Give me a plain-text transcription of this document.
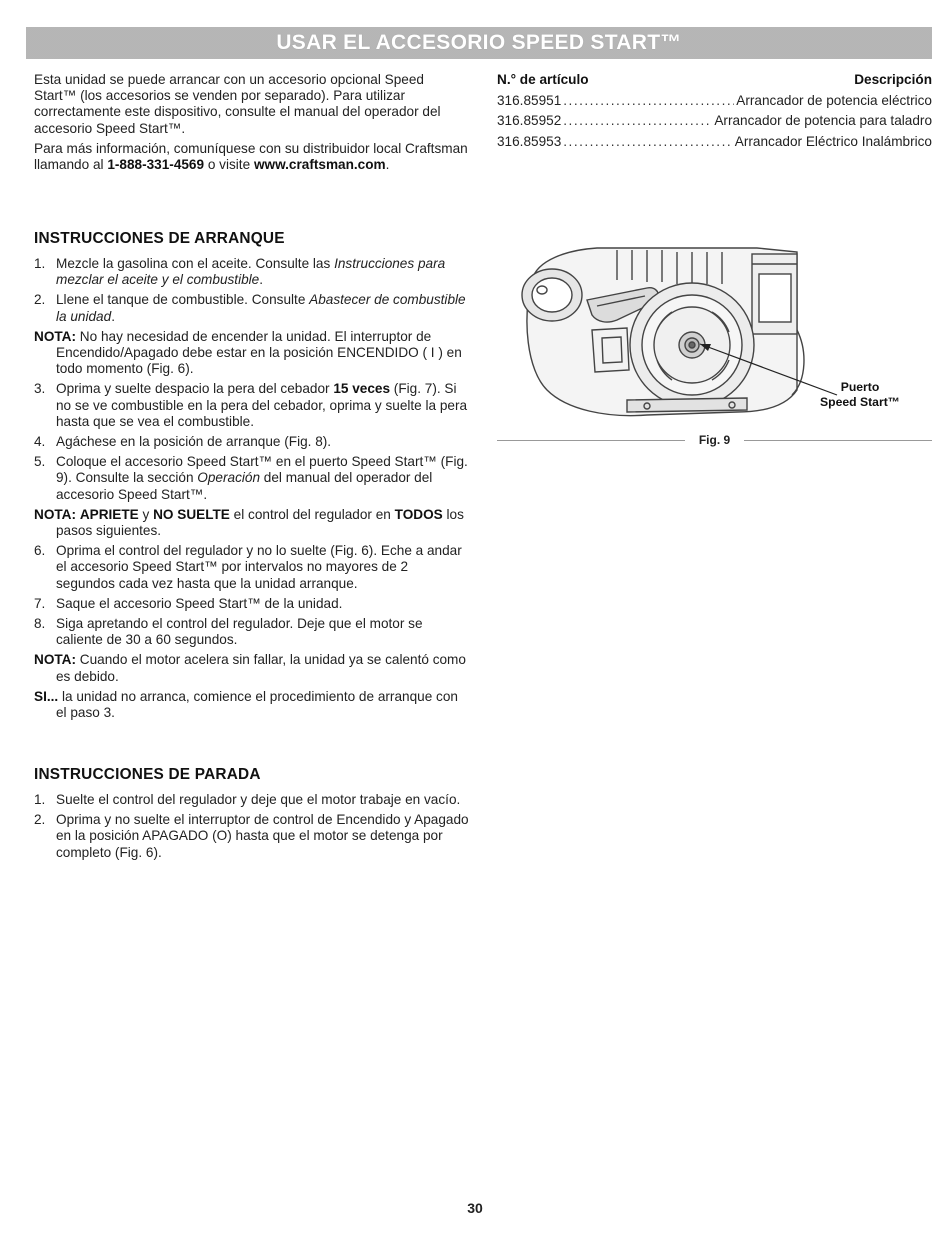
USAR EL ACCESORIO SPEED START™

Esta unidad se puede arrancar con un accesorio opcional Speed Start™ (los accesorios se venden por separado). Para utilizar correctamente este dispositivo, consulte el manual del operador del accesorio Speed Start™.

Para más información, comuníquese con su distribuidor local Craftsman llamando al 1-888-331-4569 o visite www.craftsman.com.

N.° de artículo	Descripción
316.85951 .....	Arrancador de potencia eléctrico
316.85952 .....	Arrancador de potencia para taladro
316.85953 .....	Arrancador Eléctrico Inalámbrico
INSTRUCCIONES DE ARRANQUE
1. Mezcle la gasolina con el aceite. Consulte las Instrucciones para mezclar el aceite y el combustible.
2. Llene el tanque de combustible. Consulte Abastecer de combustible la unidad.
NOTA: No hay necesidad de encender la unidad. El interruptor de Encendido/Apagado debe estar en la posición ENCENDIDO ( I ) en todo momento (Fig. 6).
3. Oprima y suelte despacio la pera del cebador 15 veces (Fig. 7). Si no se ve combustible en la pera del cebador, oprima y suelte la pera hasta que se vea el combustible.
4. Agáchese en la posición de arranque (Fig. 8).
5. Coloque el accesorio Speed Start™ en el puerto Speed Start™ (Fig. 9). Consulte la sección Operación del manual del operador del accesorio Speed Start™.
NOTA: APRIETE y NO SUELTE el control del regulador en TODOS los pasos siguientes.
6. Oprima el control del regulador y no lo suelte (Fig. 6). Eche a andar el accesorio Speed Start™ por intervalos no mayores de 2 segundos cada vez hasta que la unidad arranque.
7. Saque el accesorio Speed Start™ de la unidad.
8. Siga apretando el control del regulador. Deje que el motor se caliente de 30 a 60 segundos.
NOTA: Cuando el motor acelera sin fallar, la unidad ya se calentó como es debido.
SI... la unidad no arranca, comience el procedimiento de arranque con el paso 3.
INSTRUCCIONES DE PARADA
1. Suelte el control del regulador y deje que el motor trabaje en vacío.
2. Oprima y no suelte el interruptor de control de Encendido y Apagado en la posición APAGADO (O) hasta que el motor se detenga por completo (Fig. 6).
Puerto
Speed Start™
Fig. 9
30
